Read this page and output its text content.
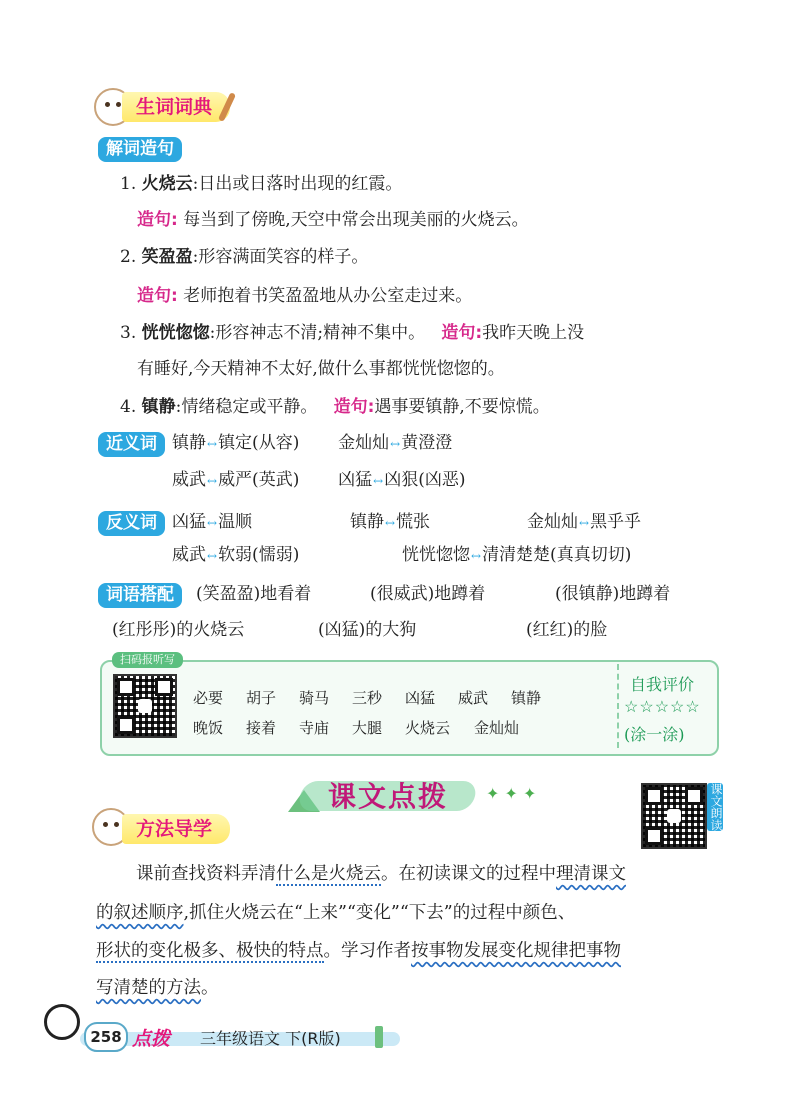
生词词典
解词造句
1. 火烧云:日出或日落时出现的红霞。
造句: 每当到了傍晚,天空中常会出现美丽的火烧云。
2. 笑盈盈:形容满面笑容的样子。
造句: 老师抱着书笑盈盈地从办公室走过来。
3. 恍恍惚惚:形容神志不清;精神不集中。 造句:我昨天晚上没
有睡好,今天精神不太好,做什么事都恍恍惚惚的。
4. 镇静:情绪稳定或平静。 造句:遇事要镇静,不要惊慌。
近义词 镇静↔镇定(从容) 金灿灿↔黄澄澄
威武↔威严(英武) 凶猛↔凶狠(凶恶)
反义词 凶猛↔温顺	镇静↔慌张	金灿灿↔黑乎乎
威武↔软弱(懦弱)	恍恍惚惚↔清清楚楚(真真切切)
词语搭配	(笑盈盈)地看着	(很威武)地蹲着	(很镇静)地蹲着
(红彤彤)的火烧云	(凶猛)的大狗	(红红)的脸
扫码报听写
必要 胡子 骑马 三秒 凶猛 威武 镇静
晚饭 接着 寺庙 大腿 火烧云 金灿灿
自我评价
☆☆☆☆☆
(涂一涂)
课文点拨 ✦ ✦ ✦	课文朗读
方法导学
课前查找资料弄清什么是火烧云。在初读课文的过程中理清课文
的叙述顺序,抓住火烧云在“上来”“变化”“下去”的过程中颜色、
形状的变化极多、极快的特点。学习作者按事物发展变化规律把事物
写清楚的方法。
258 点拨 三年级语文 下(R版)
